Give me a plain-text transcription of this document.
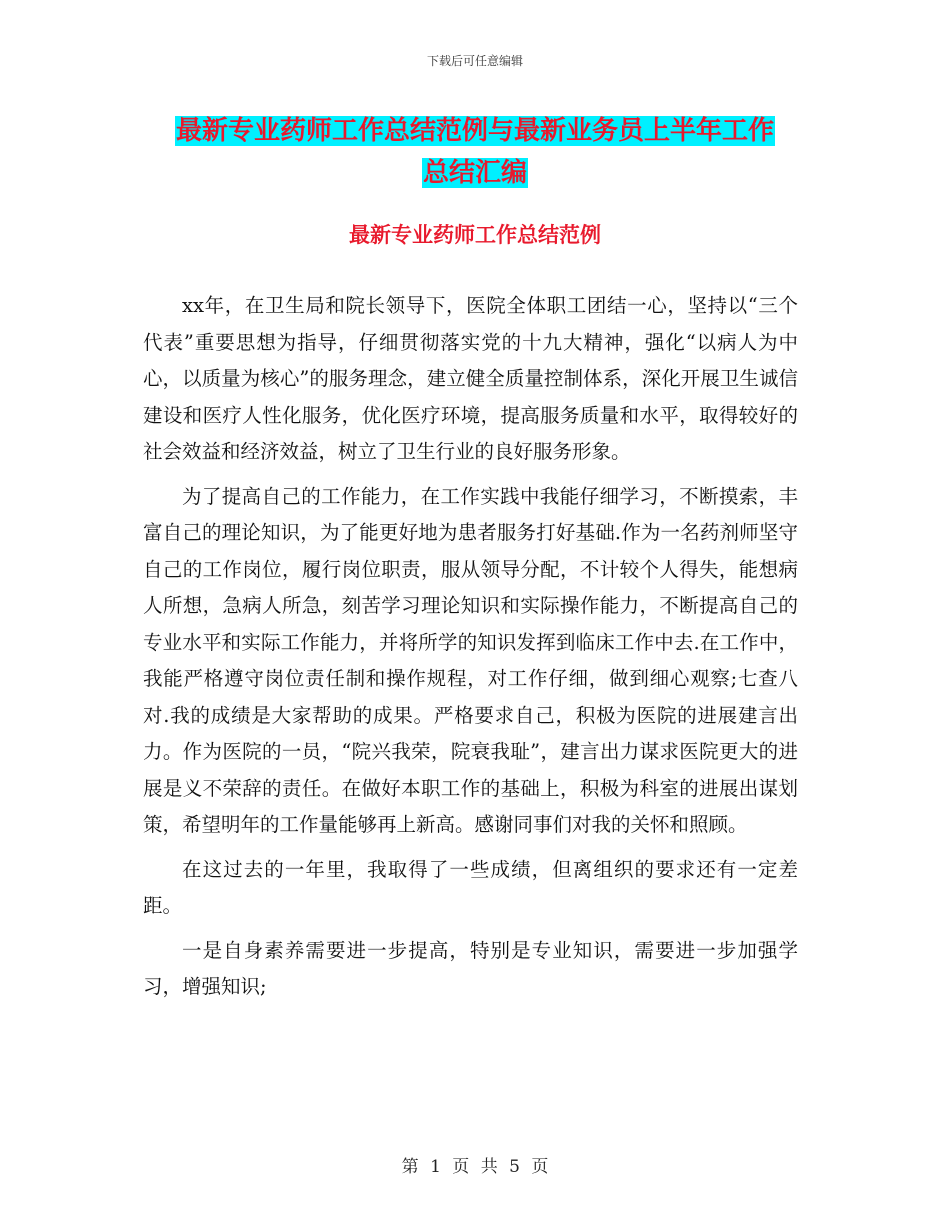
下载后可任意编辑
最新专业药师工作总结范例与最新业务员上半年工作
总结汇编
最新专业药师工作总结范例

xx年，在卫生局和院长领导下，医院全体职工团结一心，坚持以“三个代表”重要思想为指导，仔细贯彻落实党的十九大精神，强化“以病人为中心，以质量为核心”的服务理念，建立健全质量控制体系，深化开展卫生诚信建设和医疗人性化服务，优化医疗环境，提高服务质量和水平，取得较好的社会效益和经济效益，树立了卫生行业的良好服务形象。

为了提高自己的工作能力，在工作实践中我能仔细学习，不断摸索，丰富自己的理论知识，为了能更好地为患者服务打好基础.作为一名药剂师坚守自己的工作岗位，履行岗位职责，服从领导分配，不计较个人得失，能想病人所想，急病人所急，刻苦学习理论知识和实际操作能力，不断提高自己的专业水平和实际工作能力，并将所学的知识发挥到临床工作中去.在工作中，我能严格遵守岗位责任制和操作规程，对工作仔细，做到细心观察;七查八对.我的成绩是大家帮助的成果。严格要求自己，积极为医院的进展建言出力。作为医院的一员，“院兴我荣，院衰我耻”，建言出力谋求医院更大的进展是义不荣辞的责任。在做好本职工作的基础上，积极为科室的进展出谋划策，希望明年的工作量能够再上新高。感谢同事们对我的关怀和照顾。

在这过去的一年里，我取得了一些成绩，但离组织的要求还有一定差距。

一是自身素养需要进一步提高，特别是专业知识，需要进一步加强学习，增强知识;

第 1 页 共 5 页
